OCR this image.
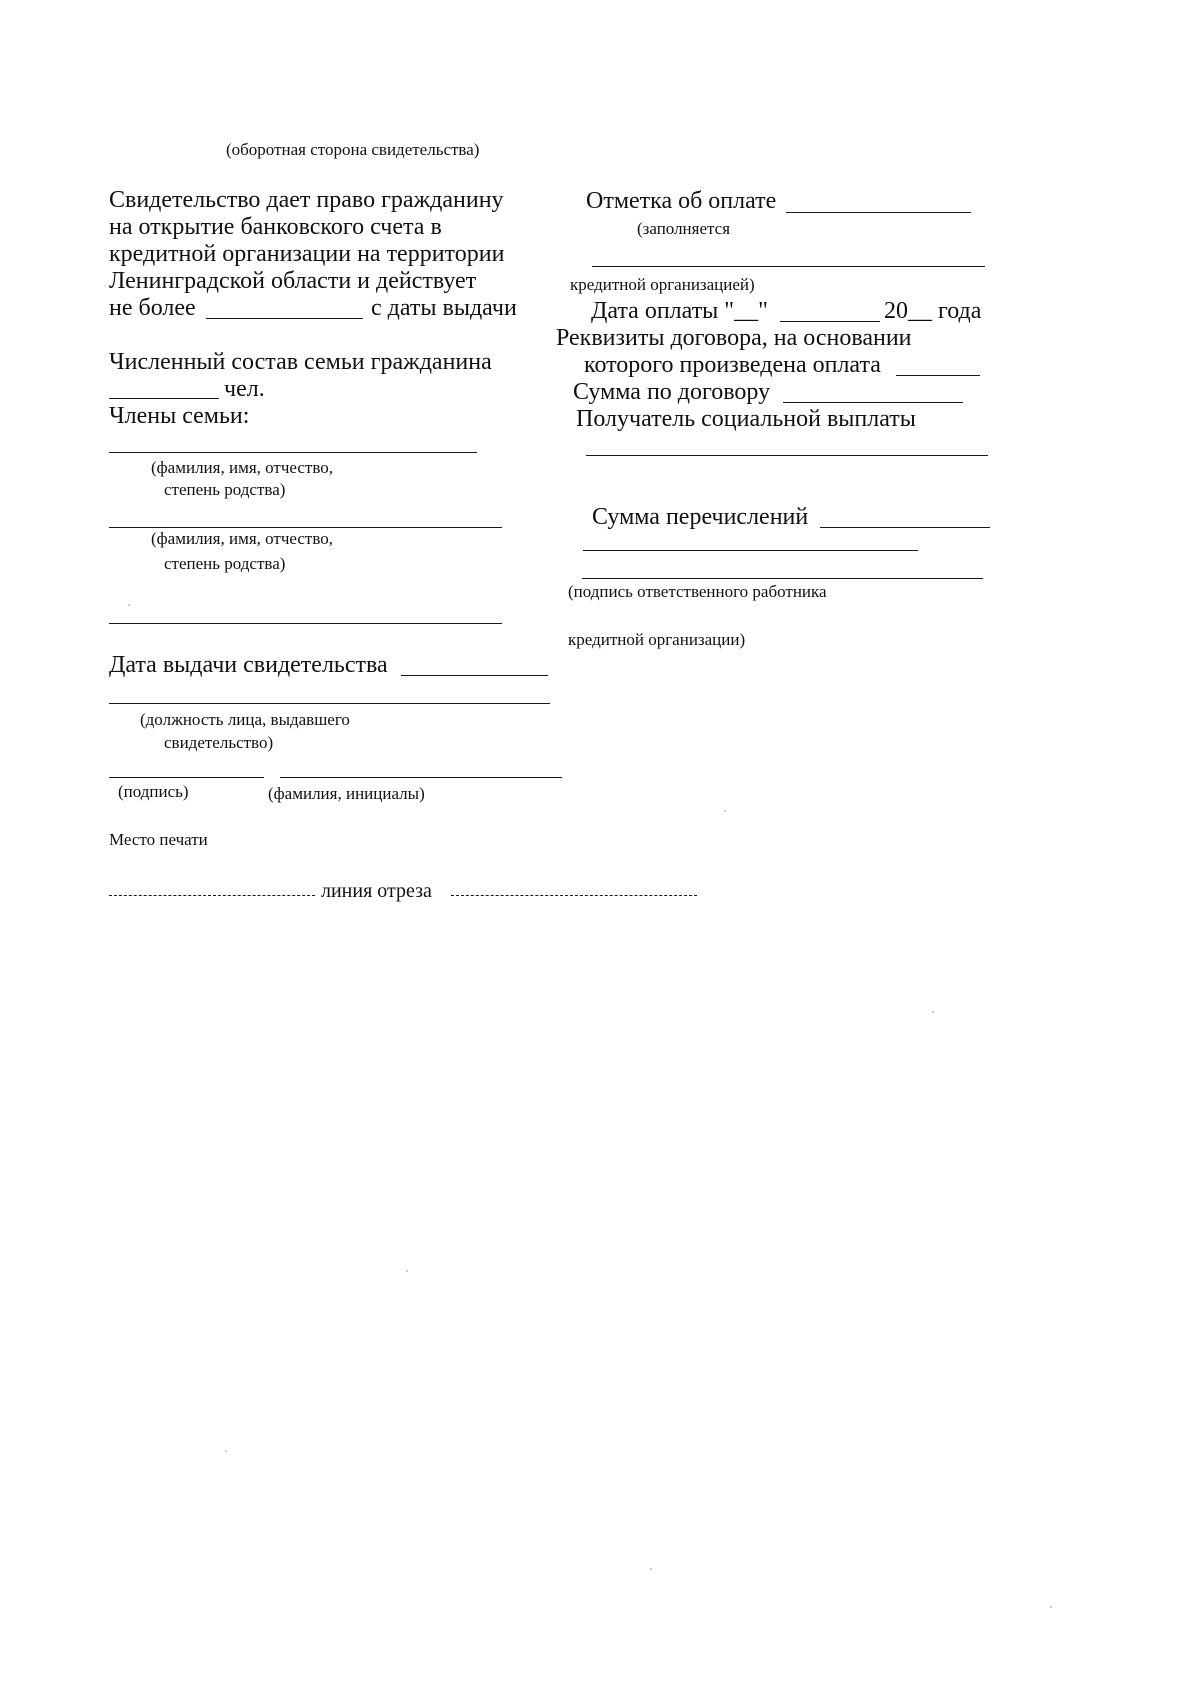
(оборотная сторона свидетельства)
Свидетельство дает право гражданину
на открытие банковского счета в
кредитной организации на территории
Ленинградской области и действует
не более	с даты выдачи
Численный состав семьи гражданина
чел.
Члены семьи:
(фамилия, имя, отчество,
степень родства)
(фамилия, имя, отчество,
степень родства)
Дата выдачи свидетельства
(должность лица, выдавшего
свидетельство)
(подпись)	(фамилия, инициалы)
Место печати
линия отреза
Отметка об оплате
(заполняется
кредитной организацией)
Дата оплаты "__"	20__ года
Реквизиты договора, на основании
которого произведена оплата
Сумма по договору
Получатель социальной выплаты
Сумма перечислений
(подпись ответственного работника
кредитной организации)
